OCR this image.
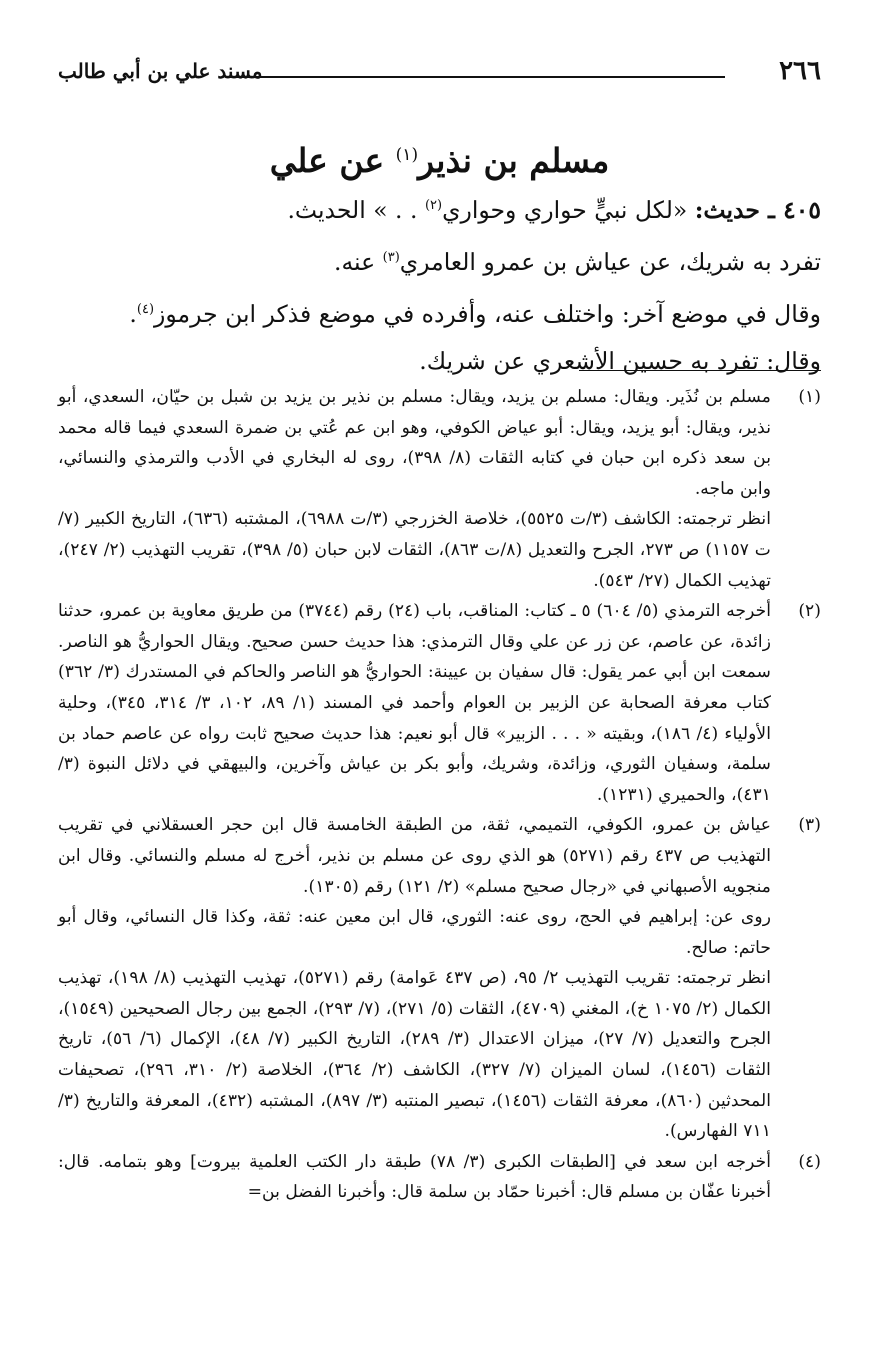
٢٦٦
مسند علي بن أبي طالب
مسلم بن نذير$^{(١)}$ عن علي

٤٠٥ ـ حديث: «لكل نبيٍّ حواري وحواري$^{(٢)}$ . . » الحديث.

تفرد به شريك، عن عياش بن عمرو العامري$^{(٣)}$ عنه.

وقال في موضع آخر: واختلف عنه، وأفرده في موضع فذكر ابن جرموز$^{(٤)}$.

وقال: تفرد به حسين الأشعري عن شريك.

(١)

مسلم بن نُذَير. ويقال: مسلم بن يزيد، ويقال: مسلم بن نذير بن يزيد بن شبل بن حيّان، السعدي، أبو نذير، ويقال: أبو يزيد، ويقال: أبو عياض الكوفي، وهو ابن عم عُتي بن ضمرة السعدي فيما قاله محمد بن سعد ذكره ابن حبان في كتابه الثقات (٨/ ٣٩٨)، روى له البخاري في الأدب والترمذي والنسائي، وابن ماجه.

انظر ترجمته: الكاشف (٣/ت ٥٥٢٥)، خلاصة الخزرجي (٣/ت ٦٩٨٨)، المشتبه (٦٣٦)، التاريخ الكبير (٧/ت ١١٥٧) ص ٢٧٣، الجرح والتعديل (٨/ت ٨٦٣)، الثقات لابن حبان (٥/ ٣٩٨)، تقريب التهذيب (٢/ ٢٤٧)، تهذيب الكمال (٢٧/ ٥٤٣).

(٢)

أخرجه الترمذي (٥/ ٦٠٤) ٥ ـ كتاب: المناقب، باب (٢٤) رقم (٣٧٤٤) من طريق معاوية بن عمرو، حدثنا زائدة، عن عاصم، عن زر عن علي وقال الترمذي: هذا حديث حسن صحيح. ويقال الحواريُّ هو الناصر. سمعت ابن أبي عمر يقول: قال سفيان بن عيينة: الحواريُّ هو الناصر والحاكم في المستدرك (٣/ ٣٦٢) كتاب معرفة الصحابة عن الزبير بن العوام وأحمد في المسند (١/ ٨٩، ١٠٢، ٣/ ٣١٤، ٣٤٥)، وحلية الأولياء (٤/ ١٨٦)، وبقيته « . . . الزبير» قال أبو نعيم: هذا حديث صحيح ثابت رواه عن عاصم حماد بن سلمة، وسفيان الثوري، وزائدة، وشريك، وأبو بكر بن عياش وآخرين، والبيهقي في دلائل النبوة (٣/ ٤٣١)، والحميري (١٢٣١).

(٣)

عياش بن عمرو، الكوفي، التميمي، ثقة، من الطبقة الخامسة قال ابن حجر العسقلاني في تقريب التهذيب ص ٤٣٧ رقم (٥٢٧١) هو الذي روى عن مسلم بن نذير، أخرج له مسلم والنسائي. وقال ابن منجويه الأصبهاني في «رجال صحيح مسلم» (٢/ ١٢١) رقم (١٣٠٥).

روى عن: إبراهيم في الحج، روى عنه: الثوري، قال ابن معين عنه: ثقة، وكذا قال النسائي، وقال أبو حاتم: صالح.

انظر ترجمته: تقريب التهذيب ٢/ ٩٥، (ص ٤٣٧ عَوامة) رقم (٥٢٧١)، تهذيب التهذيب (٨/ ١٩٨)، تهذيب الكمال (٢/ ١٠٧٥ خ)، المغني (٤٧٠٩)، الثقات (٥/ ٢٧١)، (٧/ ٢٩٣)، الجمع بين رجال الصحيحين (١٥٤٩)، الجرح والتعديل (٧/ ٢٧)، ميزان الاعتدال (٣/ ٢٨٩)، التاريخ الكبير (٧/ ٤٨)، الإكمال (٦/ ٥٦)، تاريخ الثقات (١٤٥٦)، لسان الميزان (٧/ ٣٢٧)، الكاشف (٢/ ٣٦٤)، الخلاصة (٢/ ٣١٠، ٢٩٦)، تصحيفات المحدثين (٨٦٠)، معرفة الثقات (١٤٥٦)، تبصير المنتبه (٣/ ٨٩٧)، المشتبه (٤٣٢)، المعرفة والتاريخ (٣/ ٧١١ الفهارس).

(٤)

أخرجه ابن سعد في [الطبقات الكبرى (٣/ ٧٨) طبقة دار الكتب العلمية بيروت] وهو بتمامه. قال: أخبرنا عفّان بن مسلم قال: أخبرنا حمّاد بن سلمة قال: وأخبرنا الفضل بن=
